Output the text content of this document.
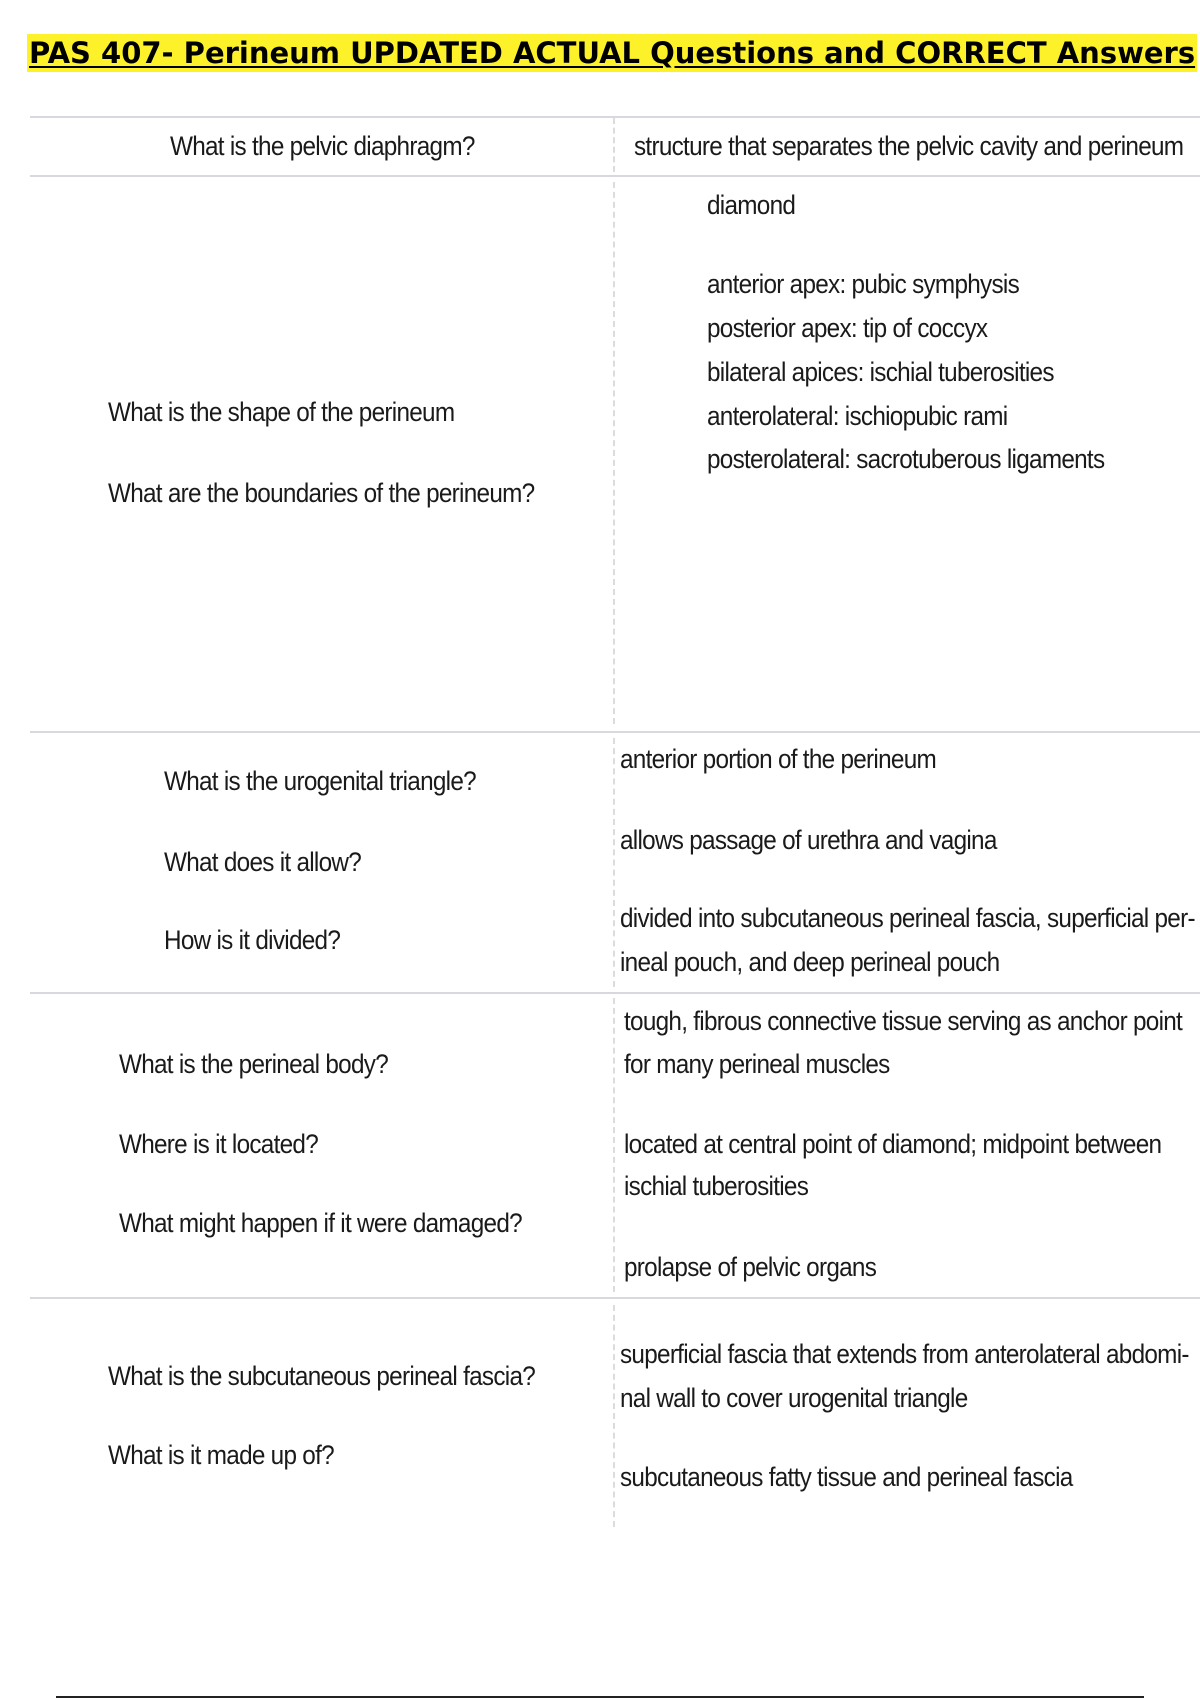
PAS 407- Perineum UPDATED ACTUAL Questions and CORRECT Answers
What is the pelvic diaphragm?	structure that separates the pelvic cavity and perineum
What is the shape of the perineum
What are the boundaries of the perineum?
diamond
anterior apex: pubic symphysis
posterior apex: tip of coccyx
bilateral apices: ischial tuberosities
anterolateral: ischiopubic rami
posterolateral: sacrotuberous ligaments
What is the urogenital triangle?
What does it allow?
How is it divided?
anterior portion of the perineum
allows passage of urethra and vagina
divided into subcutaneous perineal fascia, superficial per-
ineal pouch, and deep perineal pouch
What is the perineal body?
Where is it located?
What might happen if it were damaged?
tough, fibrous connective tissue serving as anchor point
for many perineal muscles
located at central point of diamond; midpoint between
ischial tuberosities
prolapse of pelvic organs
What is the subcutaneous perineal fascia?
What is it made up of?
superficial fascia that extends from anterolateral abdomi-
nal wall to cover urogenital triangle
subcutaneous fatty tissue and perineal fascia
